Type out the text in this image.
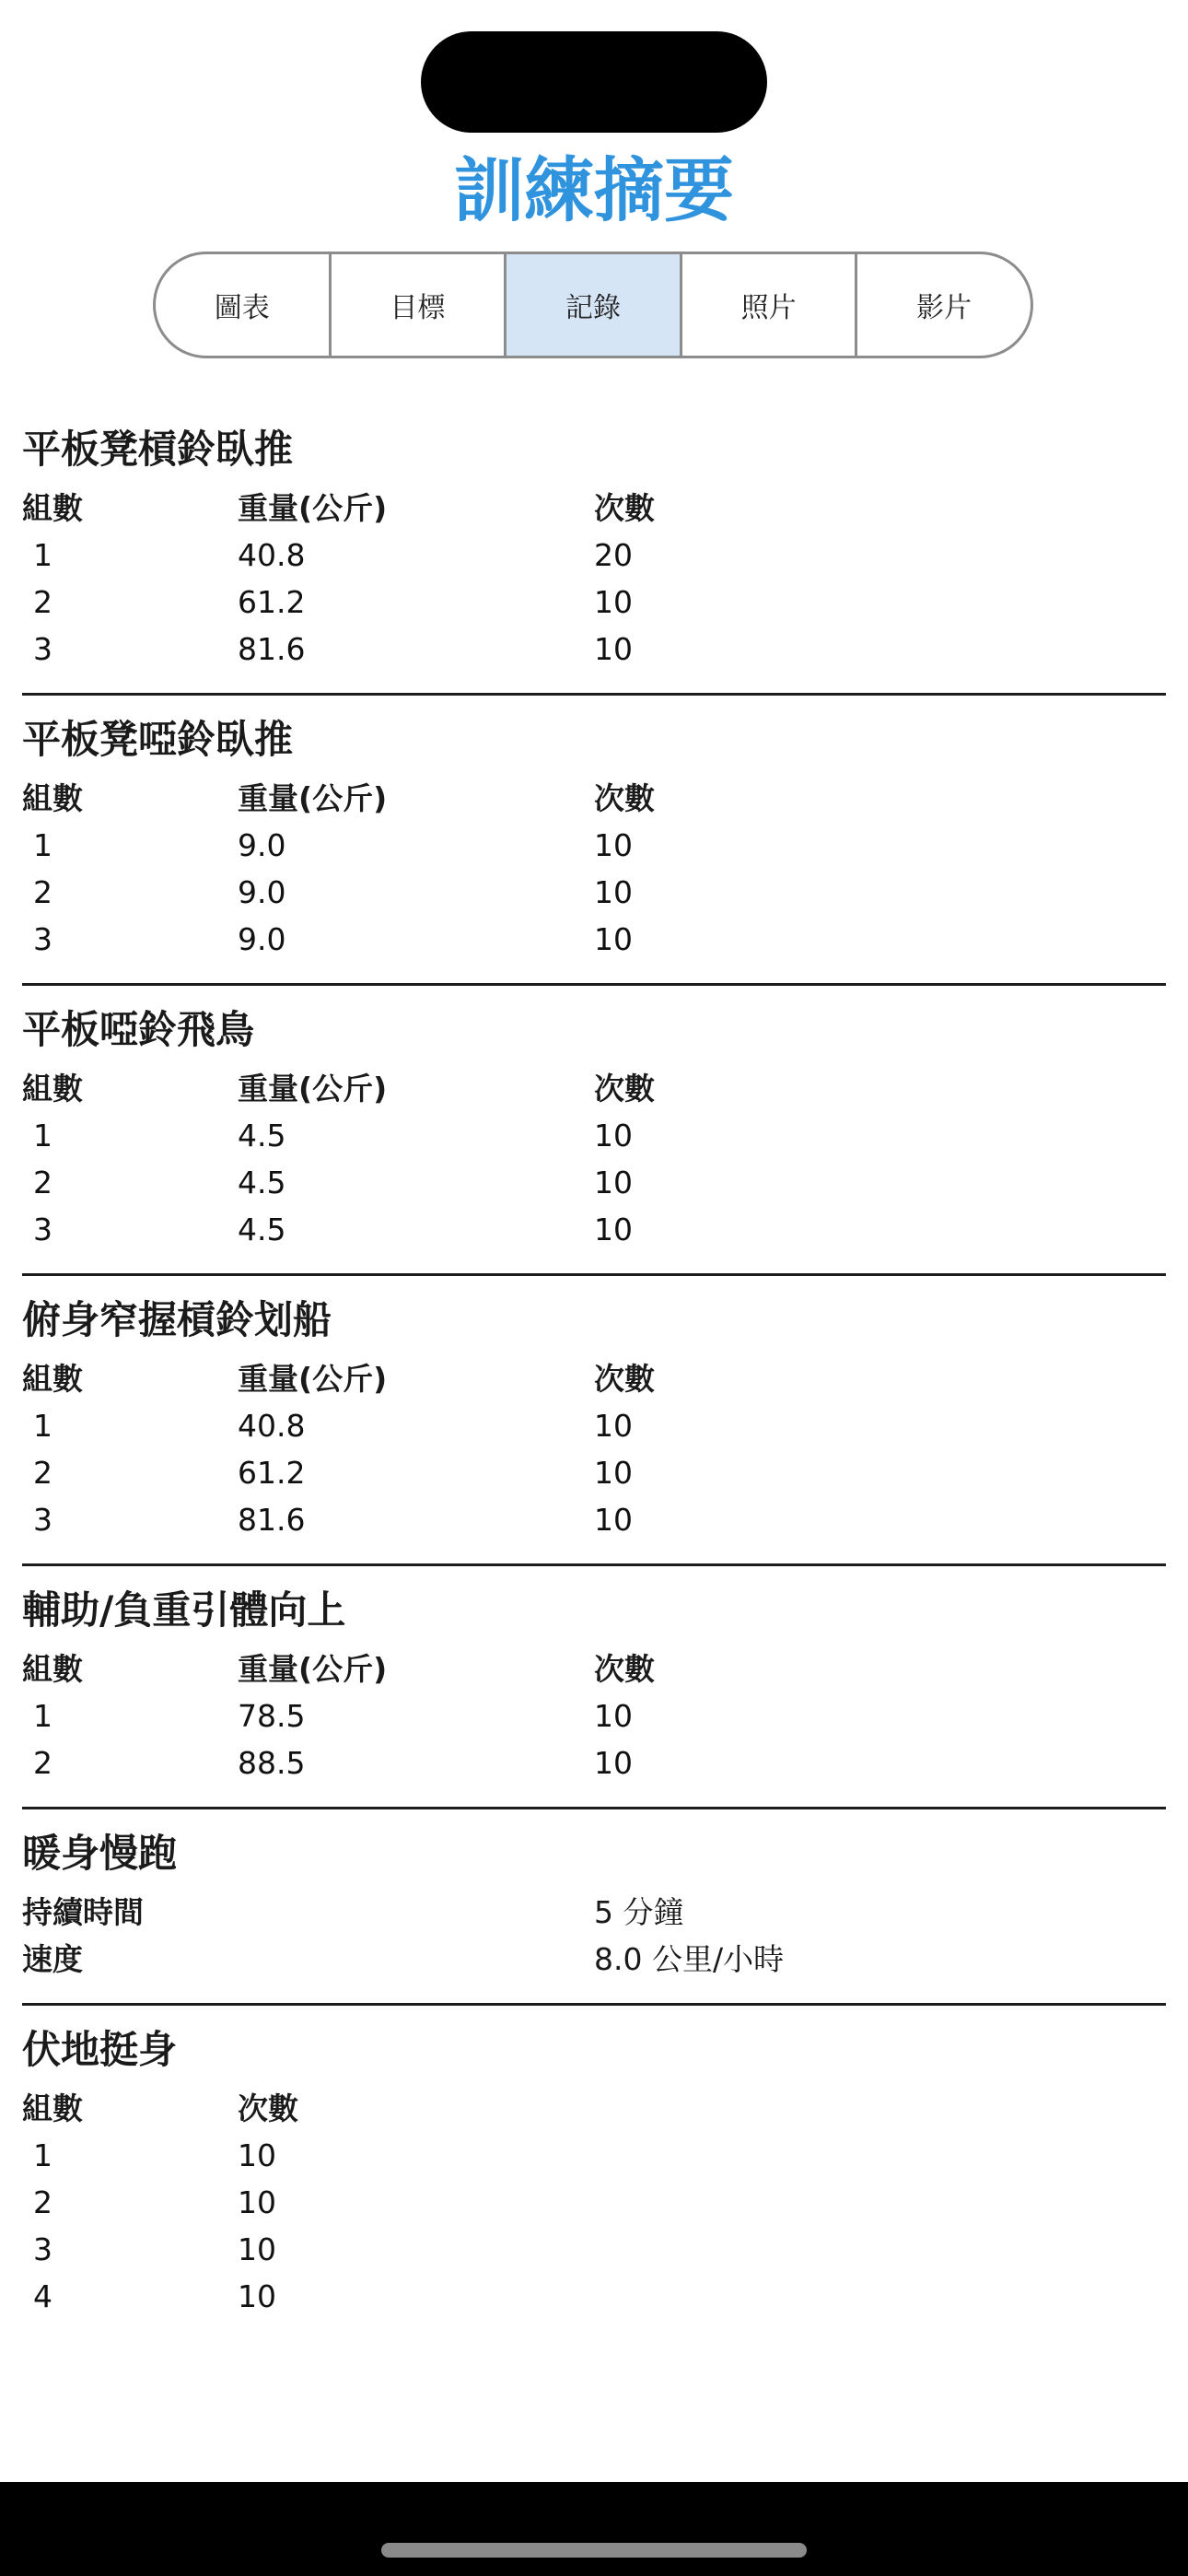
訓練摘要
圖表	目標	記錄	照片	影片
平板凳槓鈴臥推
組數	重量(公斤)	次數
1	40.8	20
2	61.2	10
3	81.6	10
平板凳啞鈴臥推
組數	重量(公斤)	次數
1	9.0	10
2	9.0	10
3	9.0	10
平板啞鈴飛鳥
組數	重量(公斤)	次數
1	4.5	10
2	4.5	10
3	4.5	10
俯身窄握槓鈴划船
組數	重量(公斤)	次數
1	40.8	10
2	61.2	10
3	81.6	10
輔助/負重引體向上
組數	重量(公斤)	次數
1	78.5	10
2	88.5	10
暖身慢跑
持續時間	5 分鐘
速度	8.0 公里/小時
伏地挺身
組數	次數
1	10
2	10
3	10
4	10
